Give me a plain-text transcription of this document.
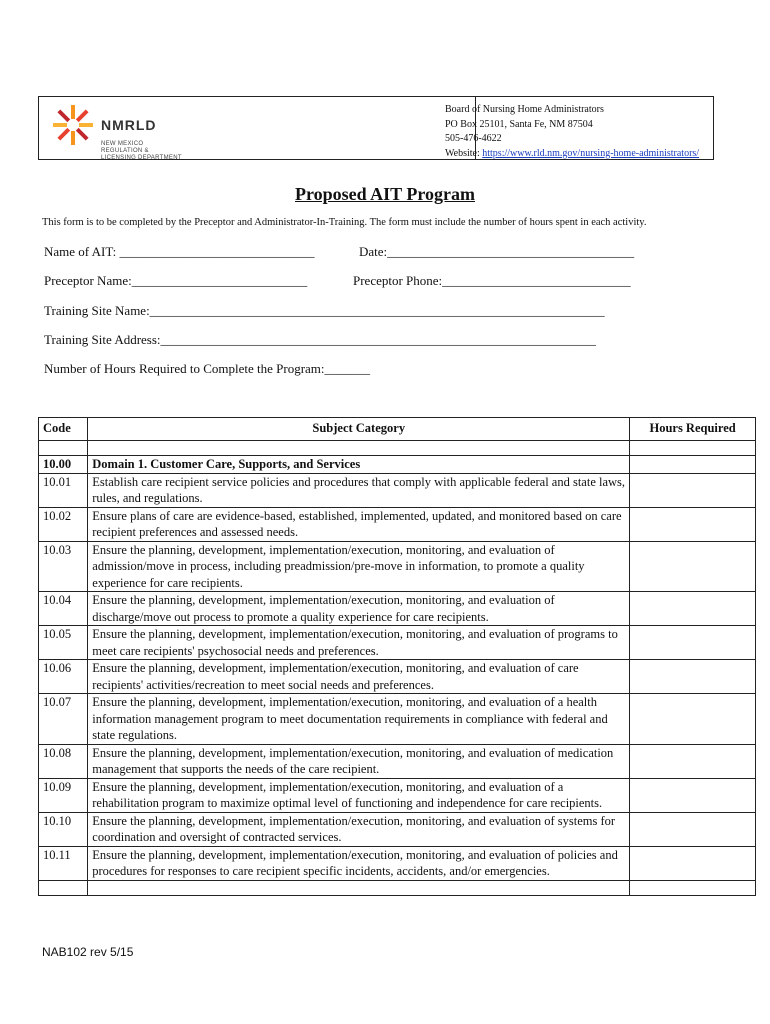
NMRLD
NEW MEXICO
REGULATION &
LICENSING DEPARTMENT
Board of Nursing Home Administrators
PO Box 25101, Santa Fe, NM 87504
505-476-4622
Website: https://www.rld.nm.gov/nursing-home-administrators/
Proposed AIT Program
This form is to be completed by the Preceptor and Administrator-In-Training. The form must include the number of hours spent in each activity.
Name of AIT: ______________________________	Date:______________________________________
Preceptor Name:___________________________	Preceptor Phone:_____________________________
Training Site Name:______________________________________________________________________
Training Site Address:___________________________________________________________________
Number of Hours Required to Complete the Program:_______
Code	Subject Category	Hours Required

10.00	Domain 1. Customer Care, Supports, and Services	
10.01	Establish care recipient service policies and procedures that comply with applicable federal and state laws, rules, and regulations.	
10.02	Ensure plans of care are evidence-based, established, implemented, updated, and monitored based on care recipient preferences and assessed needs.	
10.03	Ensure the planning, development, implementation/execution, monitoring, and evaluation of admission/move in process, including preadmission/pre-move in information, to promote a quality experience for care recipients.	
10.04	Ensure the planning, development, implementation/execution, monitoring, and evaluation of discharge/move out process to promote a quality experience for care recipients.	
10.05	Ensure the planning, development, implementation/execution, monitoring, and evaluation of programs to meet care recipients' psychosocial needs and preferences.	
10.06	Ensure the planning, development, implementation/execution, monitoring, and evaluation of care recipients' activities/recreation to meet social needs and preferences.	
10.07	Ensure the planning, development, implementation/execution, monitoring, and evaluation of a health information management program to meet documentation requirements in compliance with federal and state regulations.	
10.08	Ensure the planning, development, implementation/execution, monitoring, and evaluation of medication management that supports the needs of the care recipient.	
10.09	Ensure the planning, development, implementation/execution, monitoring, and evaluation of a rehabilitation program to maximize optimal level of functioning and independence for care recipients.	
10.10	Ensure the planning, development, implementation/execution, monitoring, and evaluation of systems for coordination and oversight of contracted services.	
10.11	Ensure the planning, development, implementation/execution, monitoring, and evaluation of policies and procedures for responses to care recipient specific incidents, accidents, and/or emergencies.	

NAB102 rev 5/15
